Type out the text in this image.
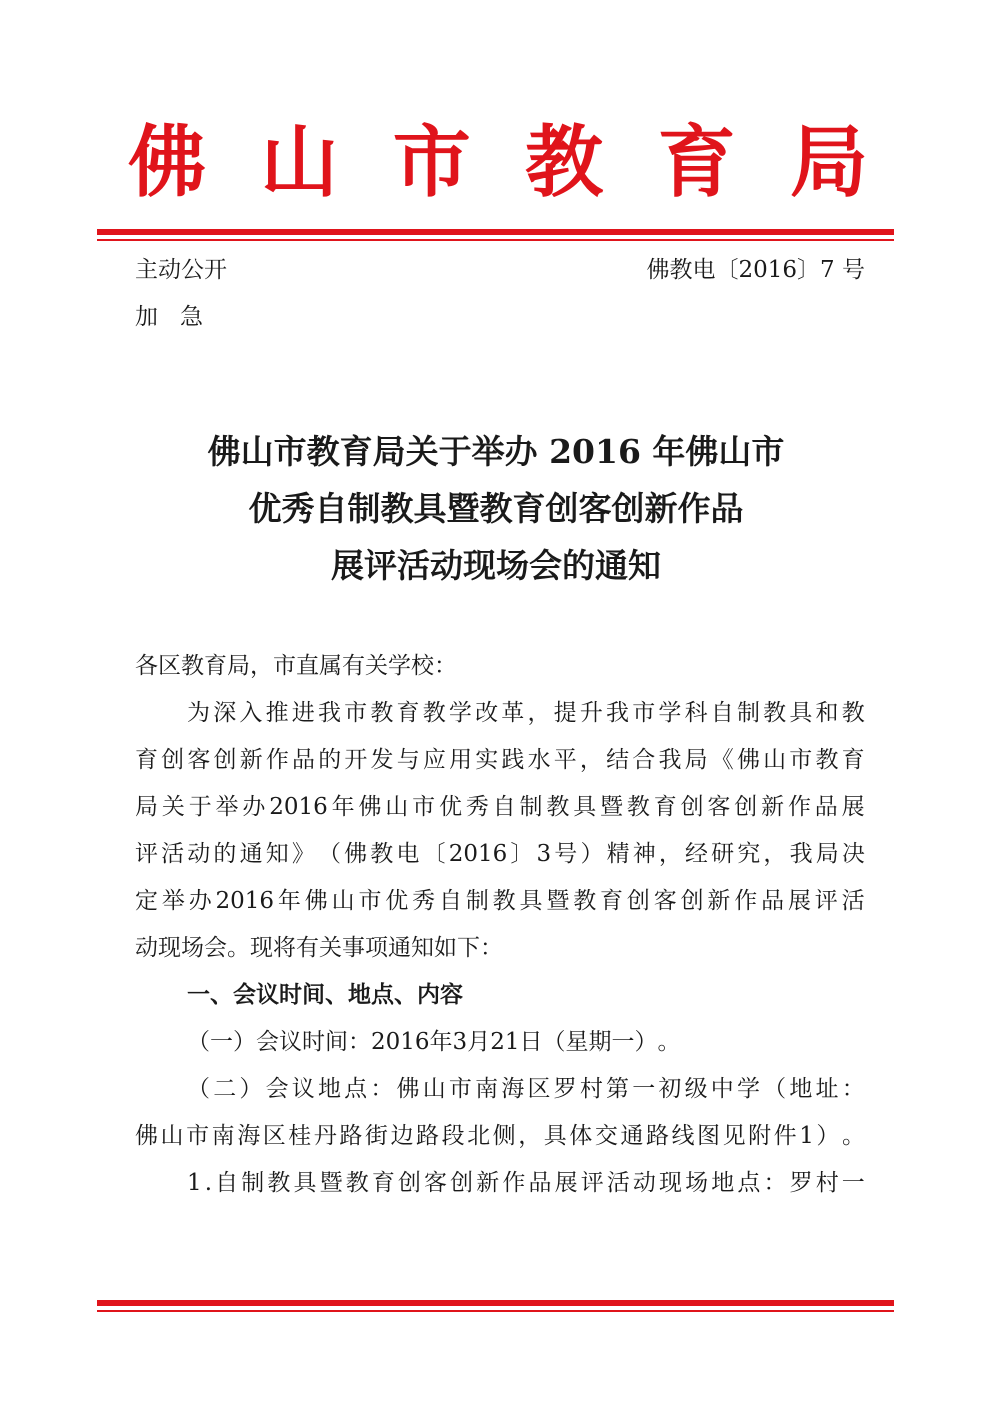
佛 山 市 教 育 局
主动公开	佛教电〔2016〕7 号
加急
佛山市教育局关于举办 2016 年佛山市
优秀自制教具暨教育创客创新作品
展评活动现场会的通知
各区教育局，市直属有关学校：
为 深 入 推 进 我 市 教 育 教 学 改 革 ， 提 升 我 市 学 科 自 制 教 具 和 教
育 创 客 创 新 作 品 的 开 发 与 应 用 实 践 水 平 ， 结 合 我 局 《 佛 山 市 教 育
局 关 于 举 办 2016 年 佛 山 市 优 秀 自 制 教 具 暨 教 育 创 客 创 新 作 品 展
评 活 动 的 通 知 》 （ 佛 教 电 〔 2016 〕 3 号 ） 精 神 ， 经 研 究 ， 我 局 决
定 举 办 2016 年 佛 山 市 优 秀 自 制 教 具 暨 教 育 创 客 创 新 作 品 展 评 活
动 现 场 会 。 现 将 有 关 事 项 通 知 如 下 ：
一、会议时间、地点、内容
（ 一 ） 会 议 时 间 ： 2016 年 3 月 21 日 （ 星 期 一 ） 。
（ 二 ） 会 议 地 点 ： 佛 山 市 南 海 区 罗 村 第 一 初 级 中 学 （ 地 址 ：
佛 山 市 南 海 区 桂 丹 路 街 边 路 段 北 侧 ， 具 体 交 通 路 线 图 见 附 件 1 ） 。
1 . 自 制 教 具 暨 教 育 创 客 创 新 作 品 展 评 活 动 现 场 地 点 ： 罗 村 一
